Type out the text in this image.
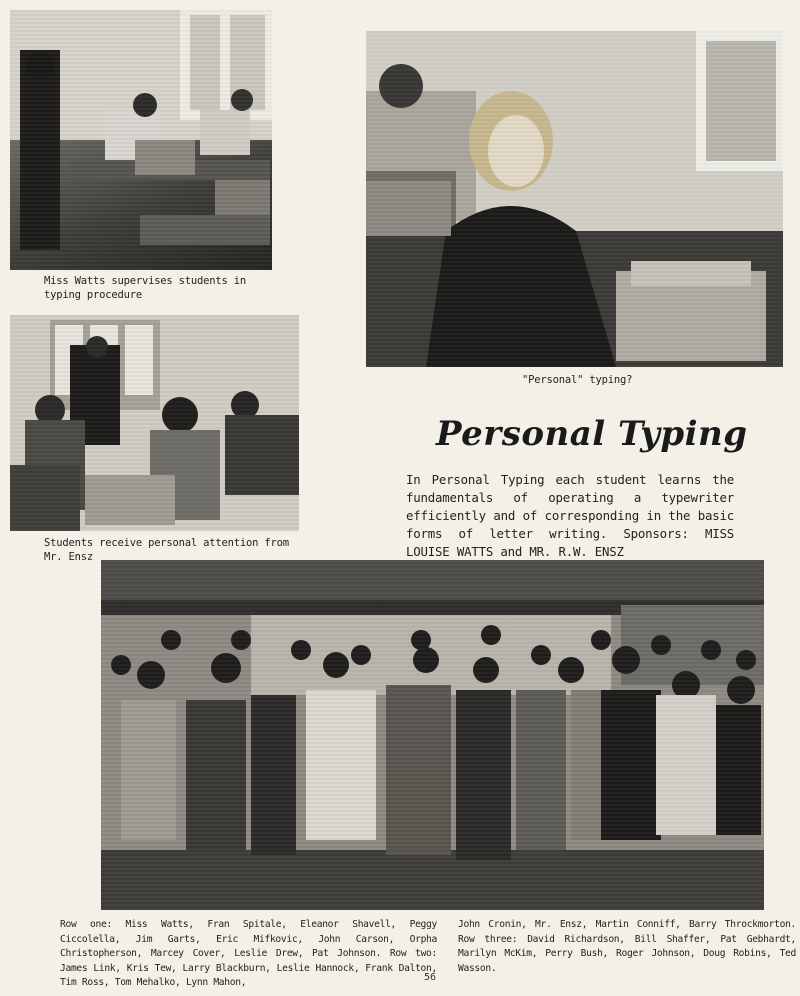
Miss Watts supervises students in typing procedure
"Personal" typing?
Students receive personal attention from Mr. Ensz
Personal Typing
In Personal Typing each student learns the fundamentals of operating a typewriter efficiently and of corresponding in the basic forms of letter writing. Sponsors: MISS LOUISE WATTS and MR. R.W. ENSZ
Row one: Miss Watts, Fran Spitale, Eleanor Shavell, Peggy Ciccolella, Jim Garts, Eric Mifkovic, John Carson, Orpha Christopherson, Marcey Cover, Leslie Drew, Pat Johnson. Row two: James Link, Kris Tew, Larry Blackburn, Leslie Hannock, Frank Dalton, Tim Ross, Tom Mehalko, Lynn Mahon,
John Cronin, Mr. Ensz, Martin Conniff, Barry Throckmorton. Row three: David Richardson, Bill Shaffer, Pat Gebhardt, Marilyn McKim, Perry Bush, Roger Johnson, Doug Robins, Ted Wasson.
56
